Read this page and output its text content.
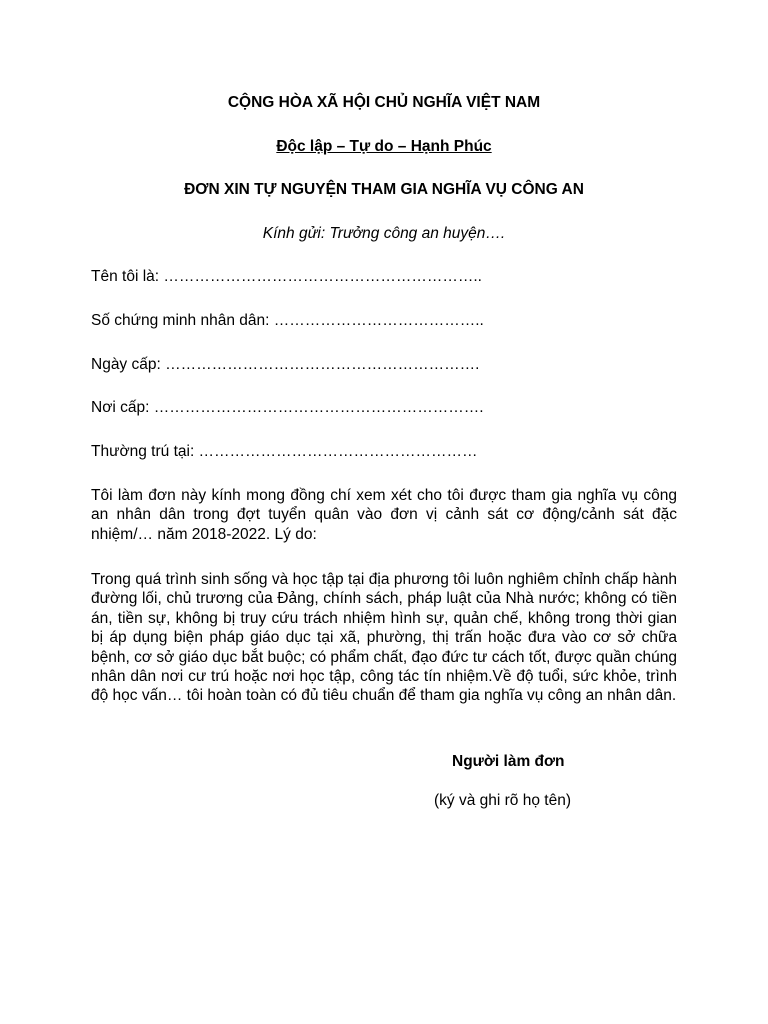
CỘNG HÒA XÃ HỘI CHỦ NGHĨA VIỆT NAM
Độc lập – Tự do – Hạnh Phúc
ĐƠN XIN TỰ NGUYỆN THAM GIA NGHĨA VỤ CÔNG AN
Kính gửi: Trưởng công an huyện….
Tên tôi là: ……………………………………………………..
Số chứng minh nhân dân: …………………………………..
Ngày cấp: …………………………………………………….
Nơi cấp: ……………………………………………………….
Thường trú tại: ………………………………………………

Tôi làm đơn này kính mong đồng chí xem xét cho tôi được tham gia nghĩa vụ công an nhân dân trong đợt tuyển quân vào đơn vị cảnh sát cơ động/cảnh sát đặc nhiệm/… năm 2018-2022. Lý do:

Trong quá trình sinh sống và học tập tại địa phương tôi luôn nghiêm chỉnh chấp hành đường lối, chủ trương của Đảng, chính sách, pháp luật của Nhà nước; không có tiền án, tiền sự, không bị truy cứu trách nhiệm hình sự, quản chế, không trong thời gian bị áp dụng biện pháp giáo dục tại xã, phường, thị trấn hoặc đưa vào cơ sở chữa bệnh, cơ sở giáo dục bắt buộc; có phẩm chất, đạo đức tư cách tốt, được quần chúng nhân dân nơi cư trú hoặc nơi học tập, công tác tín nhiệm.Về độ tuổi, sức khỏe, trình độ học vấn… tôi hoàn toàn có đủ tiêu chuẩn để tham gia nghĩa vụ công an nhân dân.

Người làm đơn
(ký và ghi rõ họ tên)
